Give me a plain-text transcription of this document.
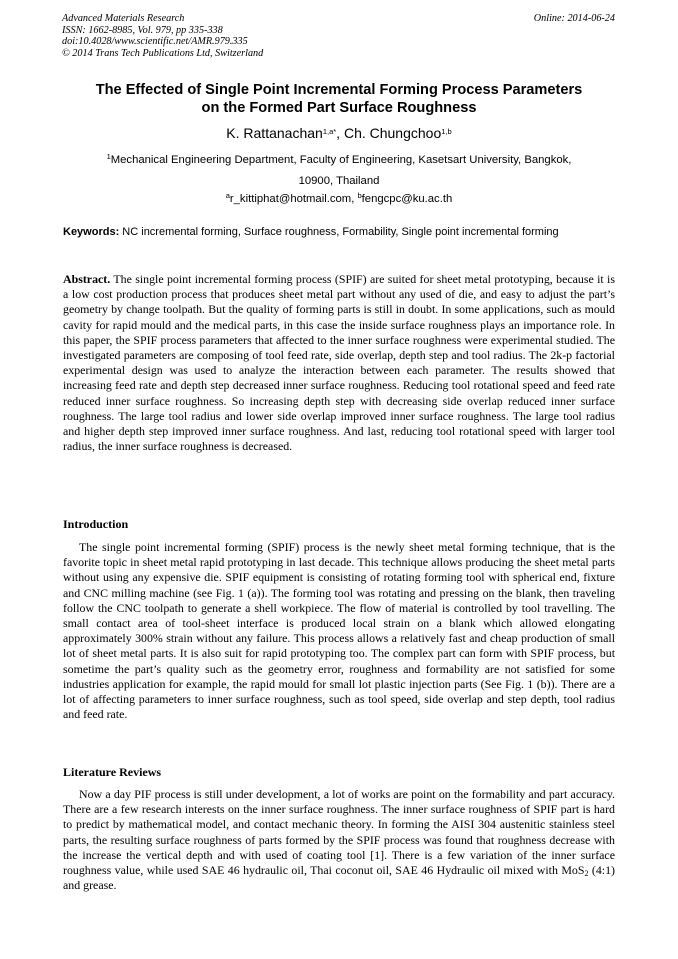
Advanced Materials Research
ISSN: 1662-8985, Vol. 979, pp 335-338
doi:10.4028/www.scientific.net/AMR.979.335
© 2014 Trans Tech Publications Ltd, Switzerland
Online: 2014-06-24
The Effected of Single Point Incremental Forming Process Parameters
on the Formed Part Surface Roughness
K. Rattanachan$^{1,a*}$, Ch. Chungchoo$^{1,b}$
$^1$Mechanical Engineering Department, Faculty of Engineering, Kasetsart University, Bangkok,
10900, Thailand
$^a$r_kittiphat@hotmail.com, $^b$fengcpc@ku.ac.th
Keywords: NC incremental forming, Surface roughness, Formability, Single point incremental forming
Abstract. The single point incremental forming process (SPIF) are suited for sheet metal prototyping, because it is a low cost production process that produces sheet metal part without any used of die, and easy to adjust the part’s geometry by change toolpath. But the quality of forming parts is still in doubt. In some applications, such as mould cavity for rapid mould and the medical parts, in this case the inside surface roughness plays an importance role. In this paper, the SPIF process parameters that affected to the inner surface roughness were experimental studied. The investigated parameters are composing of tool feed rate, side overlap, depth step and tool radius. The 2k-p factorial experimental design was used to analyze the interaction between each parameter. The results showed that increasing feed rate and depth step decreased inner surface roughness. Reducing tool rotational speed and feed rate reduced inner surface roughness. So increasing depth step with decreasing side overlap reduced inner surface roughness. The large tool radius and lower side overlap improved inner surface roughness. The large tool radius and higher depth step improved inner surface roughness. And last, reducing tool rotational speed with larger tool radius, the inner surface roughness is decreased.
Introduction
The single point incremental forming (SPIF) process is the newly sheet metal forming technique, that is the favorite topic in sheet metal rapid prototyping in last decade. This technique allows producing the sheet metal parts without using any expensive die. SPIF equipment is consisting of rotating forming tool with spherical end, fixture and CNC milling machine (see Fig. 1 (a)). The forming tool was rotating and pressing on the blank, then traveling follow the CNC toolpath to generate a shell workpiece. The flow of material is controlled by tool travelling. The small contact area of tool-sheet interface is produced local strain on a blank which allowed elongating approximately 300% strain without any failure. This process allows a relatively fast and cheap production of small lot of sheet metal parts. It is also suit for rapid prototyping too. The complex part can form with SPIF process, but sometime the part’s quality such as the geometry error, roughness and formability are not satisfied for some industries application for example, the rapid mould for small lot plastic injection parts (See Fig. 1 (b)). There are a lot of affecting parameters to inner surface roughness, such as tool speed, side overlap and step depth, tool radius and feed rate.
Literature Reviews
Now a day PIF process is still under development, a lot of works are point on the formability and part accuracy. There are a few research interests on the inner surface roughness. The inner surface roughness of SPIF part is hard to predict by mathematical model, and contact mechanic theory. In forming the AISI 304 austenitic stainless steel parts, the resulting surface roughness of parts formed by the SPIF process was found that roughness decrease with the increase the vertical depth and with used of coating tool [1]. There is a few variation of the inner surface roughness value, while used SAE 46 hydraulic oil, Thai coconut oil, SAE 46 Hydraulic oil mixed with MoS$_2$ (4:1) and grease.
